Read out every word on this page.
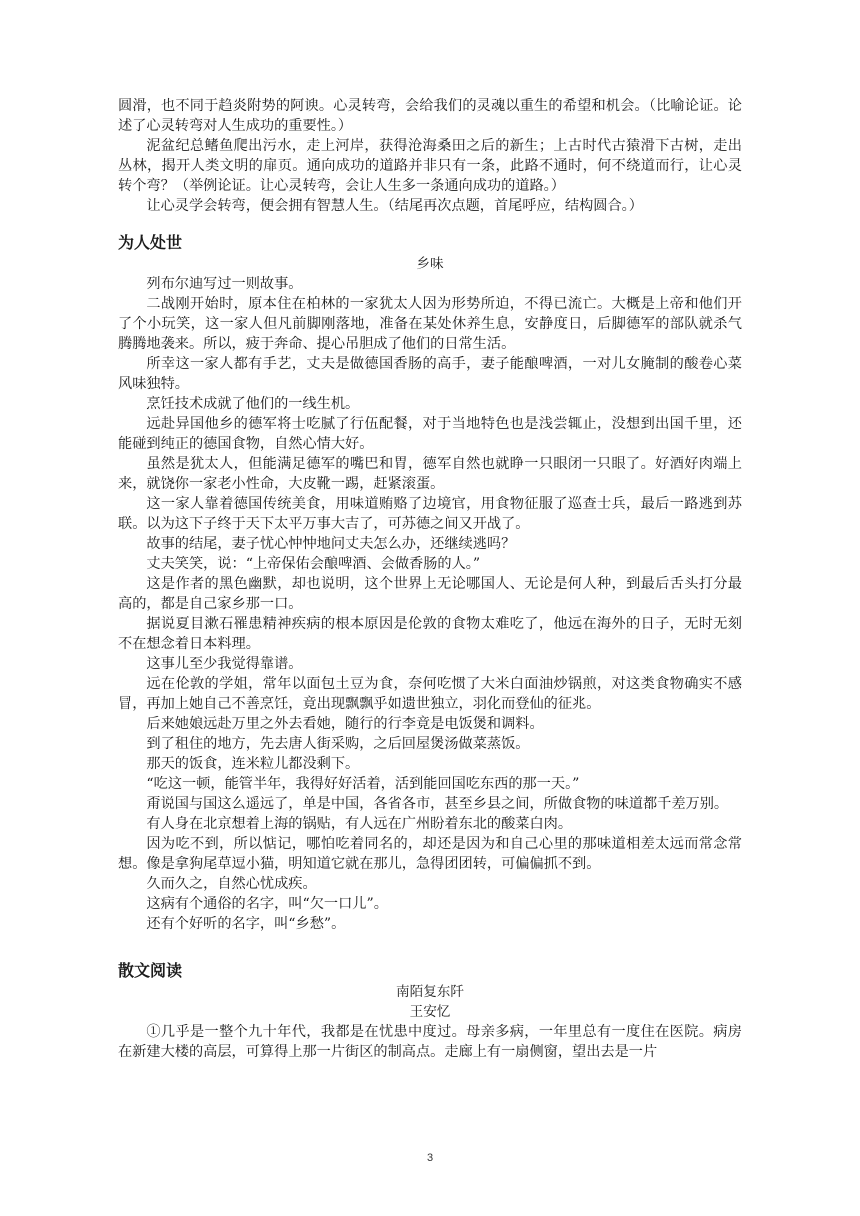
圆滑，也不同于趋炎附势的阿谀。心灵转弯，会给我们的灵魂以重生的希望和机会。（比喻论证。论述了心灵转弯对人生成功的重要性。）

泥盆纪总鳍鱼爬出污水，走上河岸，获得沧海桑田之后的新生；上古时代古猿滑下古树，走出丛林，揭开人类文明的扉页。通向成功的道路并非只有一条，此路不通时，何不绕道而行，让心灵转个弯？（举例论证。让心灵转弯，会让人生多一条通向成功的道路。）

让心灵学会转弯，便会拥有智慧人生。（结尾再次点题，首尾呼应，结构圆合。）

为人处世

乡味

列布尔迪写过一则故事。

二战刚开始时，原本住在柏林的一家犹太人因为形势所迫，不得已流亡。大概是上帝和他们开了个小玩笑，这一家人但凡前脚刚落地，准备在某处休养生息，安静度日，后脚德军的部队就杀气腾腾地袭来。所以，疲于奔命、提心吊胆成了他们的日常生活。

所幸这一家人都有手艺，丈夫是做德国香肠的高手，妻子能酿啤酒，一对儿女腌制的酸卷心菜风味独特。

烹饪技术成就了他们的一线生机。

远赴异国他乡的德军将士吃腻了行伍配餐，对于当地特色也是浅尝辄止，没想到出国千里，还能碰到纯正的德国食物，自然心情大好。

虽然是犹太人，但能满足德军的嘴巴和胃，德军自然也就睁一只眼闭一只眼了。好酒好肉端上来，就饶你一家老小性命，大皮靴一踢，赶紧滚蛋。

这一家人靠着德国传统美食，用味道贿赂了边境官，用食物征服了巡查士兵，最后一路逃到苏联。以为这下子终于天下太平万事大吉了，可苏德之间又开战了。

故事的结尾，妻子忧心忡忡地问丈夫怎么办，还继续逃吗？

丈夫笑笑，说：“上帝保佑会酿啤酒、会做香肠的人。”

这是作者的黑色幽默，却也说明，这个世界上无论哪国人、无论是何人种，到最后舌头打分最高的，都是自己家乡那一口。

据说夏目漱石罹患精神疾病的根本原因是伦敦的食物太难吃了，他远在海外的日子，无时无刻不在想念着日本料理。

这事儿至少我觉得靠谱。

远在伦敦的学姐，常年以面包土豆为食，奈何吃惯了大米白面油炒锅煎，对这类食物确实不感冒，再加上她自己不善烹饪，竟出现飘飘乎如遗世独立，羽化而登仙的征兆。

后来她娘远赴万里之外去看她，随行的行李竟是电饭煲和调料。

到了租住的地方，先去唐人街采购，之后回屋煲汤做菜蒸饭。

那天的饭食，连米粒儿都没剩下。

“吃这一顿，能管半年，我得好好活着，活到能回国吃东西的那一天。”

甭说国与国这么遥远了，单是中国，各省各市，甚至乡县之间，所做食物的味道都千差万别。

有人身在北京想着上海的锅贴，有人远在广州盼着东北的酸菜白肉。

因为吃不到，所以惦记，哪怕吃着同名的，却还是因为和自己心里的那味道相差太远而常念常想。像是拿狗尾草逗小猫，明知道它就在那儿，急得团团转，可偏偏抓不到。

久而久之，自然心忧成疾。

这病有个通俗的名字，叫“欠一口儿”。

还有个好听的名字，叫“乡愁”。

散文阅读

南陌复东阡

王安忆

①几乎是一整个九十年代，我都是在忧患中度过。母亲多病，一年里总有一度住在医院。病房在新建大楼的高层，可算得上那一片街区的制高点。走廊上有一扇侧窗，望出去是一片

3
